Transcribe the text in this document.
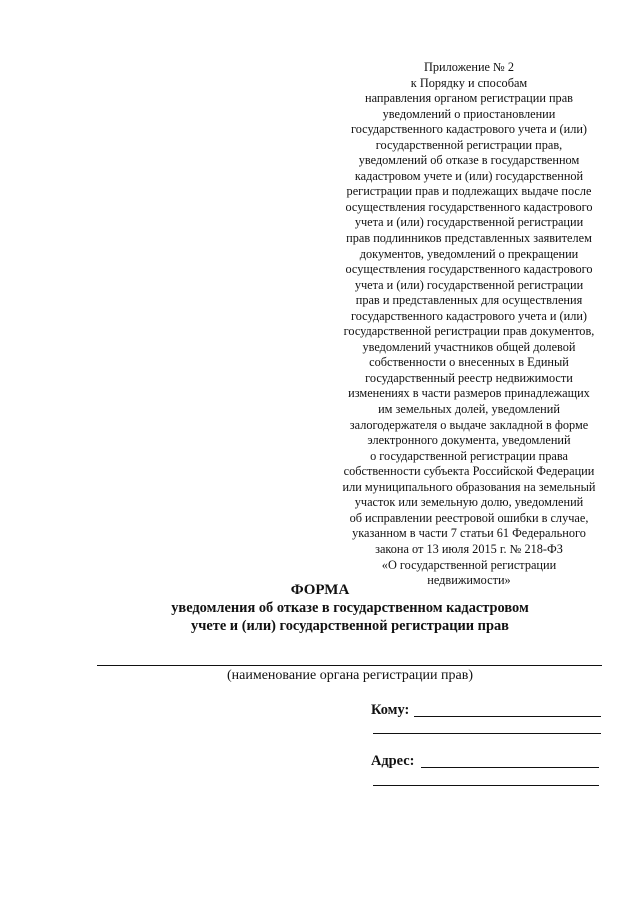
Приложение № 2
к Порядку и способам
направления органом регистрации прав
уведомлений о приостановлении
государственного кадастрового учета и (или)
государственной регистрации прав,
уведомлений об отказе в государственном
кадастровом учете и (или) государственной
регистрации прав и подлежащих выдаче после
осуществления государственного кадастрового
учета и (или) государственной регистрации
прав подлинников представленных заявителем
документов, уведомлений о прекращении
осуществления государственного кадастрового
учета и (или) государственной регистрации
прав и представленных для осуществления
государственного кадастрового учета и (или)
государственной регистрации прав документов,
уведомлений участников общей долевой
собственности о внесенных в Единый
государственный реестр недвижимости
изменениях в части размеров принадлежащих
им земельных долей, уведомлений
залогодержателя о выдаче закладной в форме
электронного документа, уведомлений
о государственной регистрации права
собственности субъекта Российской Федерации
или муниципального образования на земельный
участок или земельную долю, уведомлений
об исправлении реестровой ошибки в случае,
указанном в части 7 статьи 61 Федерального
закона от 13 июля 2015 г. № 218-ФЗ
«О государственной регистрации
недвижимости»
ФОРМА
уведомления об отказе в государственном кадастровом
учете и (или) государственной регистрации прав
(наименование органа регистрации прав)
Кому:
Адрес:
